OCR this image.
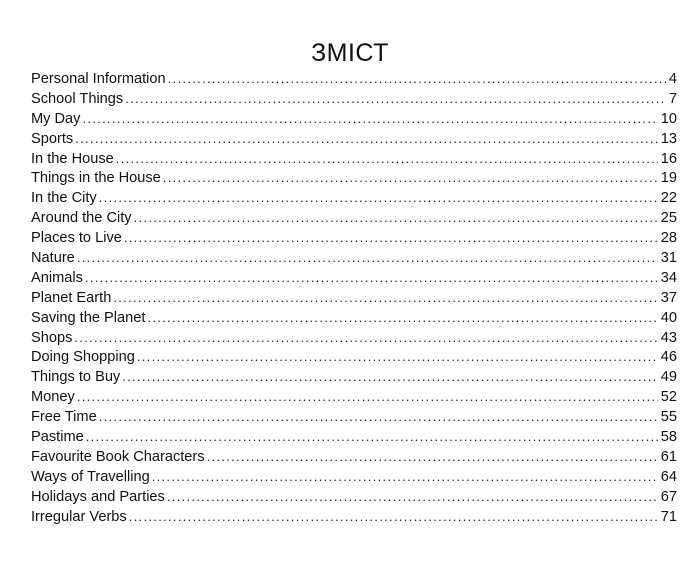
ЗМІСТ
Personal Information .....	4
School Things .....	7
My Day .....	10
Sports .....	13
In the House .....	16
Things in the House .....	19
In the City .....	22
Around the City .....	25
Places to Live .....	28
Nature .....	31
Animals .....	34
Planet Earth .....	37
Saving the Planet .....	40
Shops .....	43
Doing Shopping .....	46
Things to Buy .....	49
Money .....	52
Free Time .....	55
Pastime .....	58
Favourite Book Characters .....	61
Ways of Travelling .....	64
Holidays and Parties .....	67
Irregular Verbs .....	71
